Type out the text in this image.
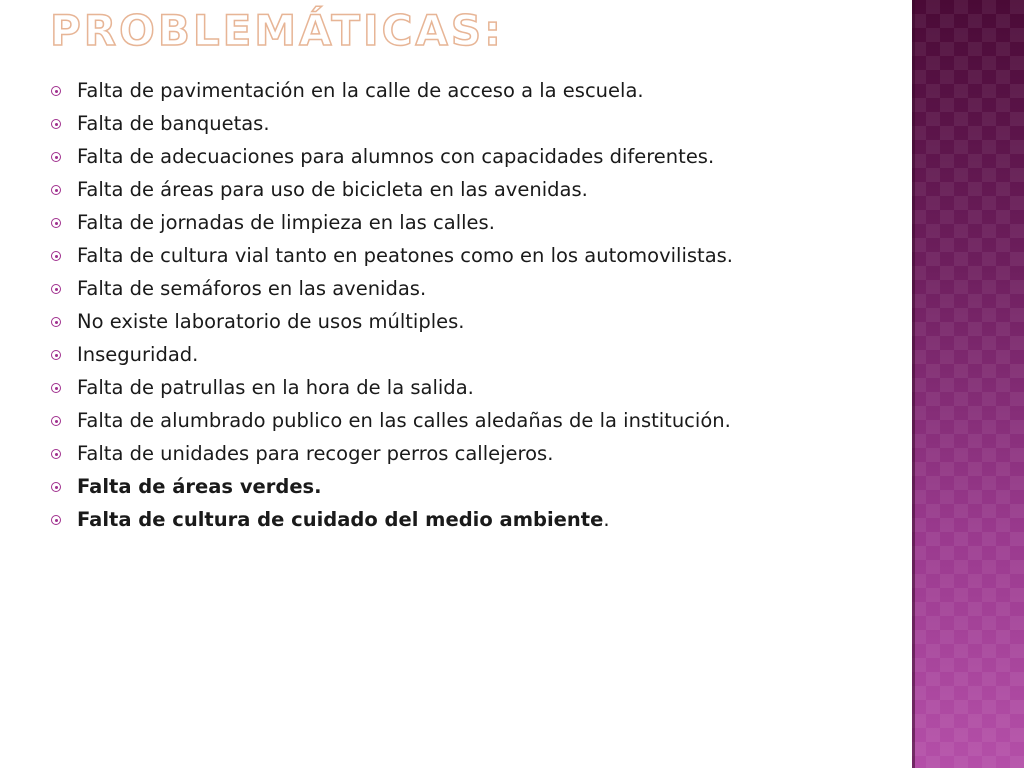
PROBLEMÁTICAS:
Falta de pavimentación en la calle de acceso a la escuela.
Falta de banquetas.
Falta de adecuaciones para alumnos con capacidades diferentes.
Falta de áreas para uso de bicicleta en las avenidas.
Falta de jornadas de limpieza en las calles.
Falta de cultura vial tanto en peatones como en los automovilistas.
Falta de semáforos en las avenidas.
No existe laboratorio de usos múltiples.
Inseguridad.
Falta de patrullas en la hora de la salida.
Falta de alumbrado publico en las calles aledañas de la institución.
Falta de unidades para recoger perros callejeros.
Falta de áreas verdes.
Falta de cultura de cuidado del medio ambiente.
